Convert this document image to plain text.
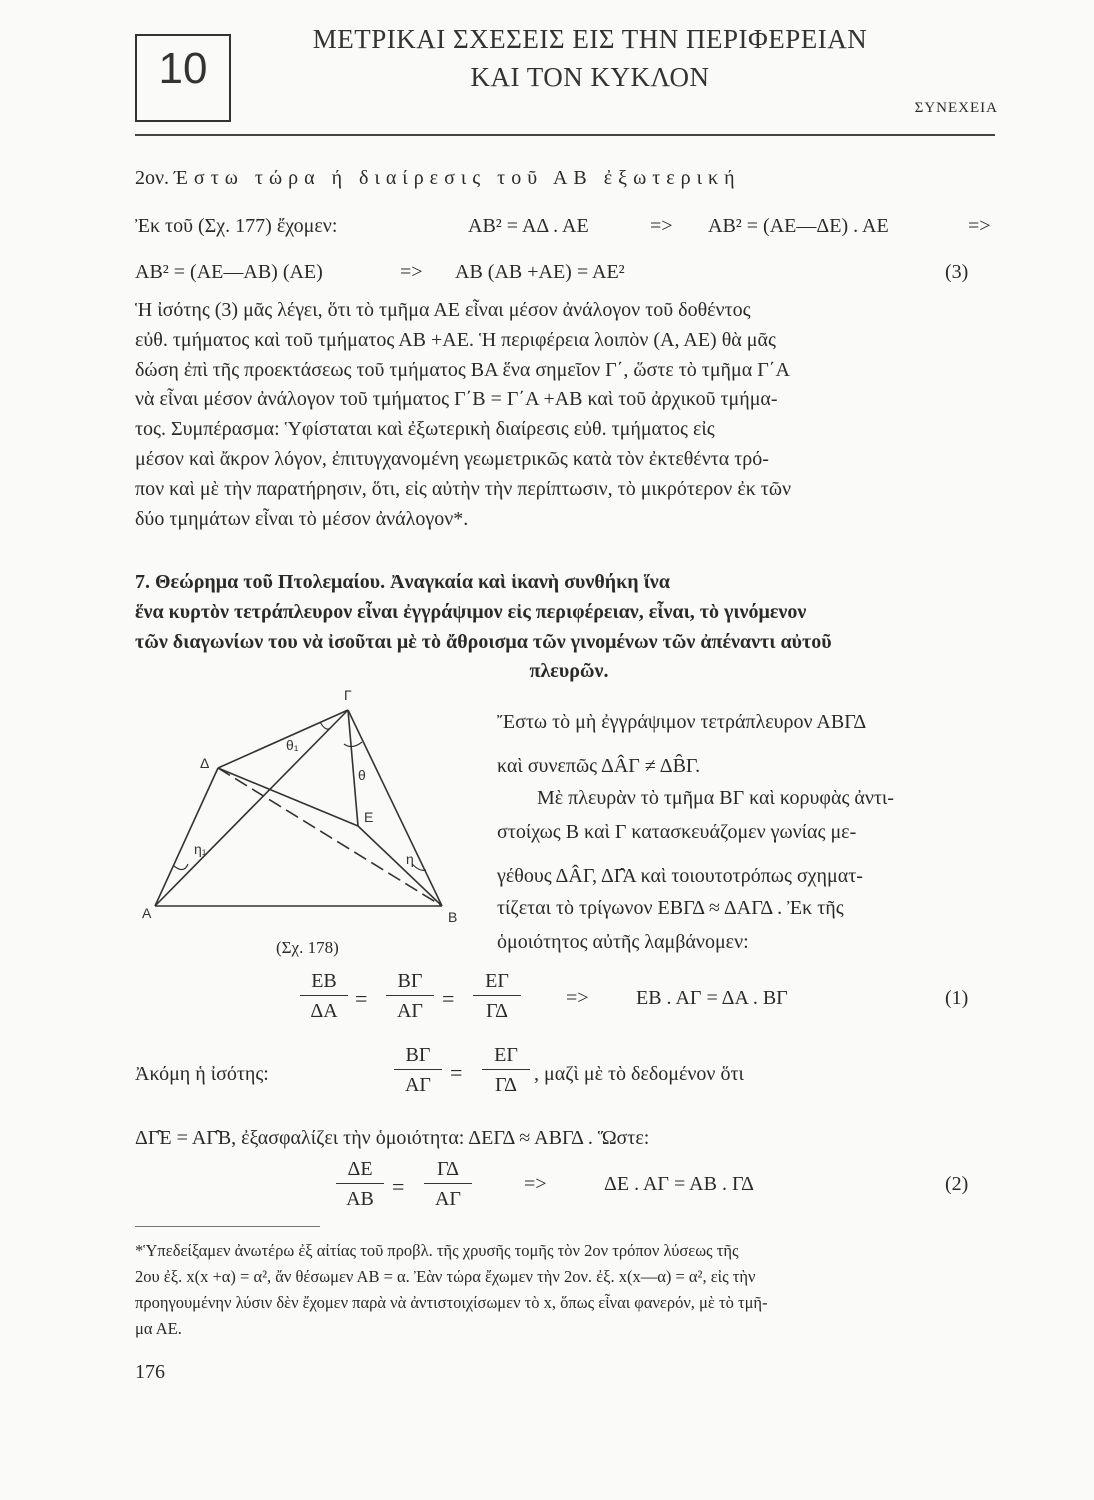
10
ΜΕΤΡΙΚΑΙ ΣΧΕΣΕΙΣ ΕΙΣ ΤΗΝ ΠΕΡΙΦΕΡΕΙΑΝ
ΚΑΙ ΤΟΝ ΚΥΚΛΟΝ
ΣΥΝΕΧΕΙΑ
2ον. Έστω τώρα ή διαίρεσις τοῦ ΑΒ ἐξωτερική
Ἐκ τοῦ (Σχ. 177) ἔχομεν:	ΑΒ² = ΑΔ . ΑΕ	=> ΑΒ² = (ΑΕ—ΔΕ) . ΑΕ	=>
ΑΒ² = (ΑΕ—ΑΒ) (ΑΕ)	=> ΑΒ (ΑΒ +ΑΕ) = ΑΕ²	(3)

Ἡ ἰσότης (3) μᾶς λέγει, ὅτι τὸ τμῆμα ΑΕ εἶναι μέσον ἀνάλογον τοῦ δοθέντος

εὐθ. τμήματος καὶ τοῦ τμήματος ΑΒ +ΑΕ. Ἡ περιφέρεια λοιπὸν (Α, ΑΕ) θὰ μᾶς

δώση ἐπὶ τῆς προεκτάσεως τοῦ τμήματος ΒΑ ἕνα σημεῖον Γ΄, ὥστε τὸ τμῆμα Γ΄Α

νὰ εἶναι μέσον ἀνάλογον τοῦ τμήματος Γ΄Β = Γ΄Α +ΑΒ καὶ τοῦ ἀρχικοῦ τμήμα-

τος. Συμπέρασμα: Ὑφίσταται καὶ ἐξωτερικὴ διαίρεσις εὐθ. τμήματος εἰς

μέσον καὶ ἄκρον λόγον, ἐπιτυγχανομένη γεωμετρικῶς κατὰ τὸν ἐκτεθέντα τρό-

πον καὶ μὲ τὴν παρατήρησιν, ὅτι, εἰς αὐτὴν τὴν περίπτωσιν, τὸ μικρότερον ἐκ τῶν

δύο τμημάτων εἶναι τὸ μέσον ἀνάλογον*.

7. Θεώρημα τοῦ Πτολεμαίου. Ἀναγκαία καὶ ἱκανὴ συνθήκη ἵνα

ἕνα κυρτὸν τετράπλευρον εἶναι ἐγγράψιμον εἰς περιφέρειαν, εἶναι, τὸ γινόμενον

τῶν διαγωνίων του νὰ ἰσοῦται μὲ τὸ ἄθροισμα τῶν γινομένων τῶν ἀπέναντι αὐτοῦ

πλευρῶν.

Α	Β
Γ
Δ
Ε
θ₁
θ
η₁
η
(Σχ. 178)
Ἔστω τὸ μὴ ἐγγράψιμον τετράπλευρον ΑΒΓΔ
καὶ συνεπῶς ΔÂΓ ≠ ΔB̂Γ.
Μὲ πλευρὰν τὸ τμῆμα ΒΓ καὶ κορυφὰς ἀντι-
στοίχως Β καὶ Γ κατασκευάζομεν γωνίας με-
γέθους ΔÂΓ, ΔΓ̂Α καὶ τοιουτοτρόπως σχηματ-
τίζεται τὸ τρίγωνον ΕΒΓΔ ≈ ΔΑΓΔ . Ἐκ τῆς
ὁμοιότητος αὐτῆς λαμβάνομεν:
$\frac{EB}{\Delta A} = \frac{B\Gamma}{A\Gamma} = \frac{E\Gamma}{\Gamma\Delta} => EB$ . ΑΓ = ΔΑ . ΒΓ	(1)
Ἀκόμη ἡ ἰσότης:	$\frac{B\Gamma}{A\Gamma} = \frac{E\Gamma}{\Gamma\Delta}$ , μαζὶ μὲ τὸ δεδομένον ὅτι
ΔΓ̂Ε = ΑΓ̂Β, ἐξασφαλίζει τὴν ὁμοιότητα: ΔΕΓΔ ≈ ΑΒΓΔ . Ὥστε:
$\frac{\Delta E}{AB} = \frac{\Gamma\Delta}{A\Gamma}$	=>	ΔΕ . ΑΓ = ΑΒ . ΓΔ	(2)

*Ὑπεδείξαμεν ἀνωτέρω ἐξ αἰτίας τοῦ προβλ. τῆς χρυσῆς τομῆς τὸν 2ον τρόπον λύσεως τῆς

2ου ἐξ. x(x +α) = α², ἄν θέσωμεν ΑΒ = α. Ἐὰν τώρα ἔχωμεν τὴν 2ον. ἐξ. x(x—α) = α², εἰς τὴν

προηγουμένην λύσιν δὲν ἔχομεν παρὰ νὰ ἀντιστοιχίσωμεν τὸ x, ὅπως εἶναι φανερόν, μὲ τὸ τμῆ-

μα ΑΕ.

176
